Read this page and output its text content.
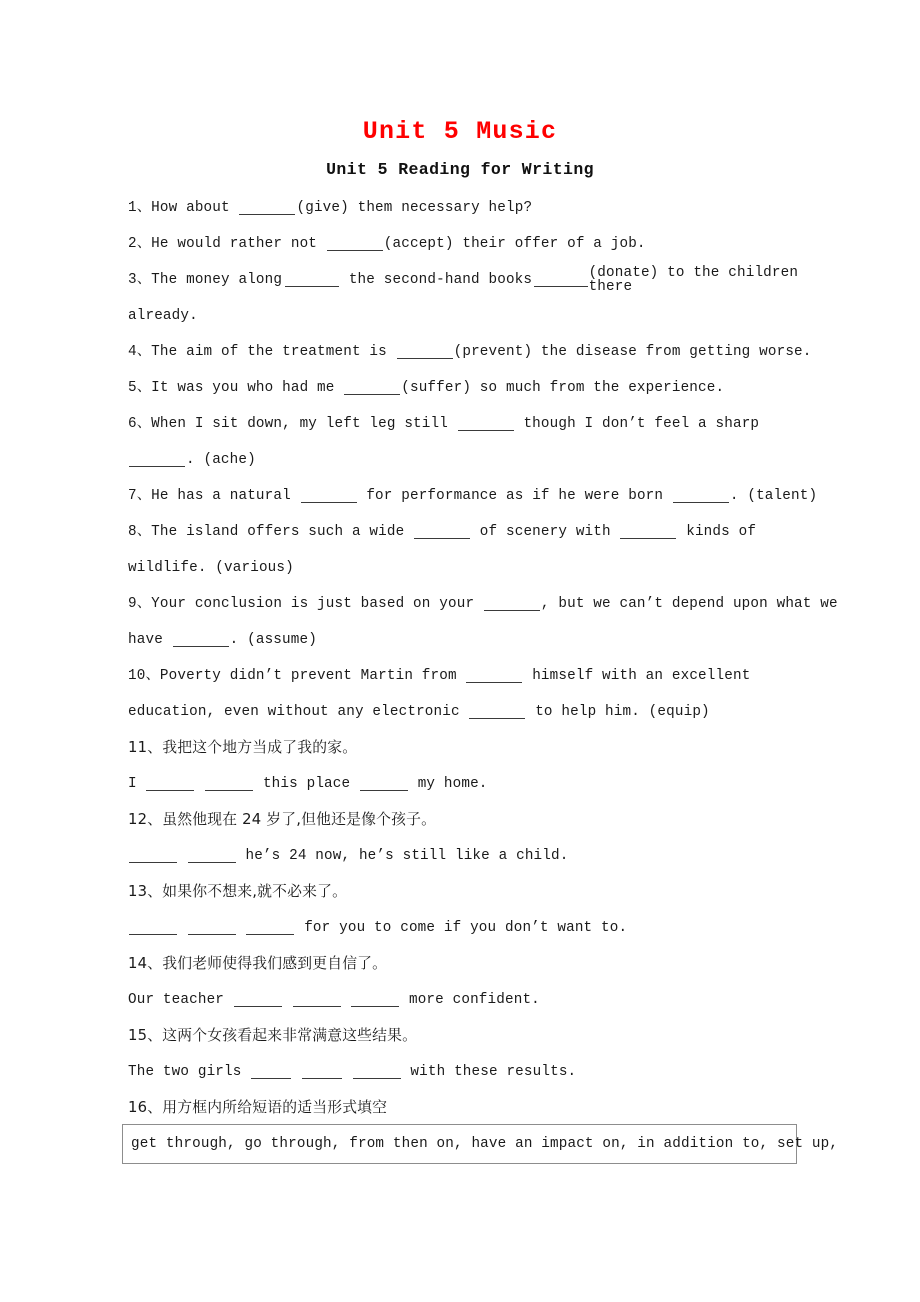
Unit 5 Music
Unit 5 Reading for Writing
1、How about	(give) them necessary help?
2、He would rather not	(accept) their offer of a job.
3、The money along	the second-hand books	(donate) to the children there
already.
4、The aim of the treatment is	(prevent) the disease from getting worse.
5、It was you who had me	(suffer) so much from the experience.
6、When I sit down, my left leg still	though I don’t feel a sharp
. (ache)
7、He has a natural	for performance as if he were born	. (talent)
8、The island offers such a wide	of scenery with	kinds of
wildlife. (various)
9、Your conclusion is just based on your	, but we can’t depend upon what we
have	. (assume)
10、Poverty didn’t prevent Martin from	himself with an excellent
education, even without any electronic	to help him. (equip)
11、我把这个地方当成了我的家。
I
	this place	my home.
12、虽然他现在 24 岁了,但他还是像个孩子。

he’s 24 now, he’s still like a child.
13、如果你不想来,就不必来了。

for you to come if you don’t want to.
14、我们老师使得我们感到更自信了。
Our teacher

	more confident.
15、这两个女孩看起来非常满意这些结果。
The two girls

	with these results.
16、用方框内所给短语的适当形式填空
get through, go through, from then on, have an impact on, in addition to, set up,
